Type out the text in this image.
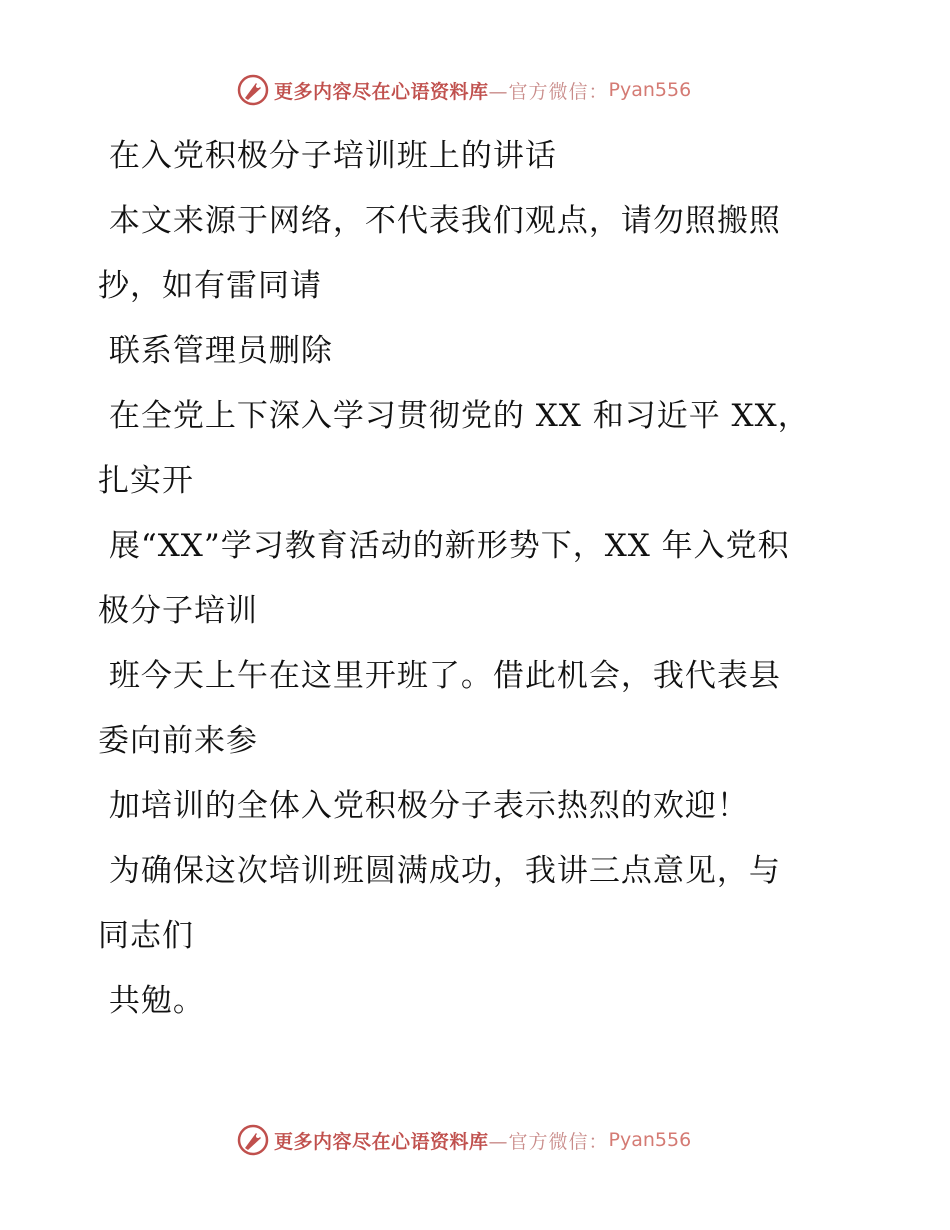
更多内容尽在心语资料库 —官方微信： Pyan556

在入党积极分子培训班上的讲话

本文来源于网络，不代表我们观点，请勿照搬照

抄，如有雷同请

联系管理员删除

在全党上下深入学习贯彻党的 XX 和习近平 XX，

扎实开

展“XX”学习教育活动的新形势下，XX 年入党积

极分子培训

班今天上午在这里开班了。借此机会，我代表县

委向前来参

加培训的全体入党积极分子表示热烈的欢迎！

为确保这次培训班圆满成功，我讲三点意见，与

同志们

共勉。

更多内容尽在心语资料库 —官方微信： Pyan556
